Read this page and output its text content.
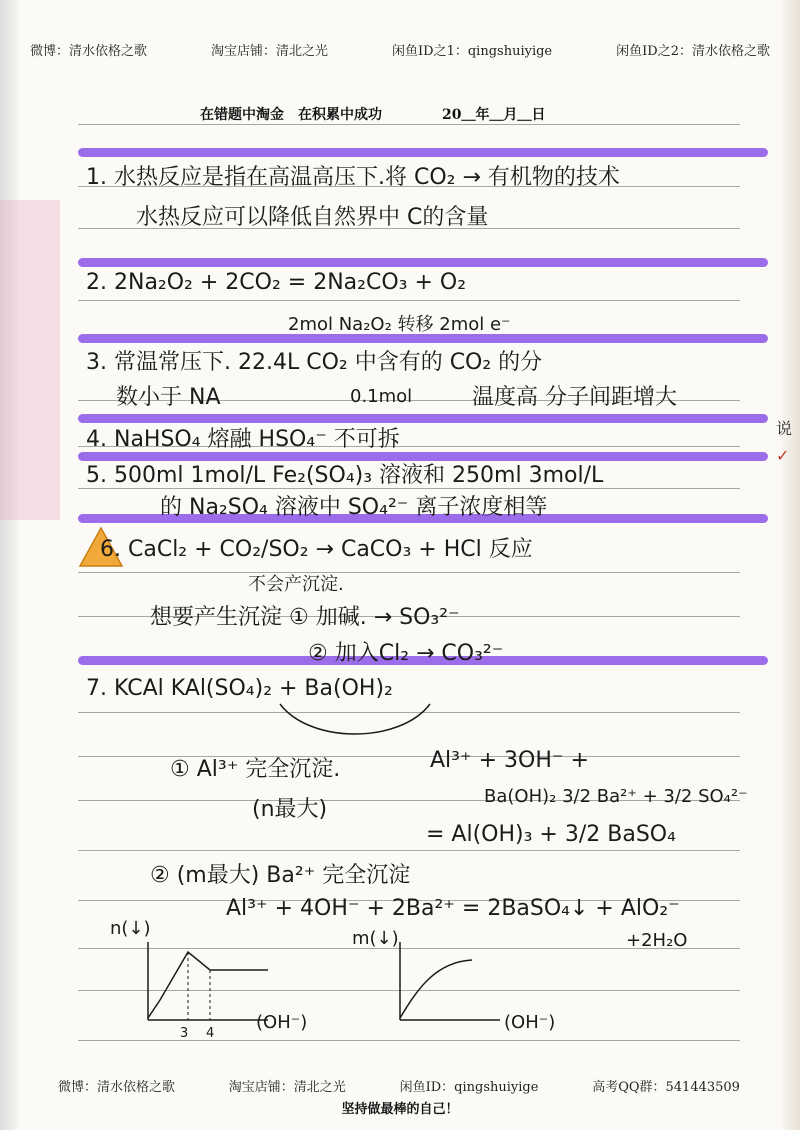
微博：清水依格之歌	淘宝店铺：清北之光	闲鱼ID之1：qingshuiyige	闲鱼ID之2：清水依格之歌
在错题中淘金　在积累中成功	20＿年＿月＿日
1. 水热反应是指在高温高压下.将 CO₂ → 有机物的技术
水热反应可以降低自然界中 C的含量
2. 2Na₂O₂ + 2CO₂ = 2Na₂CO₃ + O₂
2mol Na₂O₂ 转移 2mol e⁻
3. 常温常压下. 22.4L CO₂ 中含有的 CO₂ 的分
数小于 NA	0.1mol	温度高 分子间距增大
4. NaHSO₄ 熔融 HSO₄⁻ 不可拆
5. 500ml 1mol/L Fe₂(SO₄)₃ 溶液和 250ml 3mol/L
的 Na₂SO₄ 溶液中 SO₄²⁻ 离子浓度相等
6. CaCl₂ + CO₂/SO₂ → CaCO₃ + HCl 反应
不会产沉淀.
想要产生沉淀 ① 加碱. → SO₃²⁻
② 加入Cl₂ → CO₃²⁻
7. KCAl KAl(SO₄)₂ + Ba(OH)₂
① Al³⁺ 完全沉淀.
(n最大)
Al³⁺ + 3OH⁻ +
Ba(OH)₂ 3/2 Ba²⁺ + 3/2 SO₄²⁻
= Al(OH)₃ + 3/2 BaSO₄
② (m最大) Ba²⁺ 完全沉淀
Al³⁺ + 4OH⁻ + 2Ba²⁺ = 2BaSO₄↓ + AlO₂⁻
+2H₂O
n(↓)
3 4
(OH⁻)
m(↓)
(OH⁻)
说
✓
微博：清水依格之歌	淘宝店铺：清北之光	闲鱼ID：qingshuiyige	高考QQ群：541443509
坚持做最棒的自己！
